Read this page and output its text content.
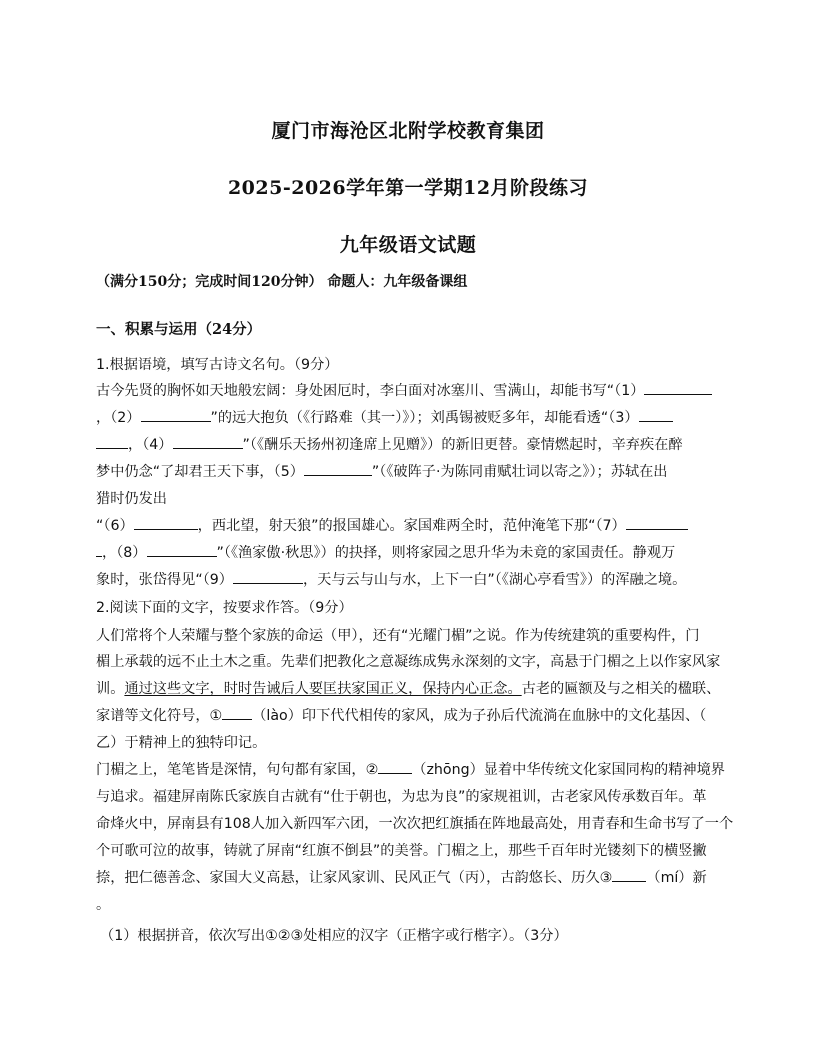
厦门市海沧区北附学校教育集团
2025-2026学年第一学期12月阶段练习
九年级语文试题
（满分150分；完成时间120分钟） 命题人：九年级备课组
一、积累与运用（24分）
1.根据语境，填写古诗文名句。（9分）
古今先贤的胸怀如天地般宏阔：身处困厄时，李白面对冰塞川、雪满山，却能书写“（1）
，（2）	”的远大抱负（《行路难（其一）》）；刘禹锡被贬多年，却能看透“（3）
，（4）	”（《酬乐天扬州初逢席上见赠》）的新旧更替。豪情燃起时，辛弃疾在醉
梦中仍念“了却君王天下事，（5）	”（《破阵子·为陈同甫赋壮词以寄之》）；苏轼在出
猎时仍发出
“（6）	，西北望，射天狼”的报国雄心。家国难两全时，范仲淹笔下那“（7）
，（8）	”（《渔家傲·秋思》）的抉择，则将家园之思升华为未竟的家国责任。静观万
象时，张岱得见“（9）	，天与云与山与水，上下一白”（《湖心亭看雪》）的浑融之境。
2.阅读下面的文字，按要求作答。（9分）
人们常将个人荣耀与整个家族的命运（甲），还有“光耀门楣”之说。作为传统建筑的重要构件，门
楣上承载的远不止土木之重。先辈们把教化之意凝练成隽永深刻的文字，高悬于门楣之上以作家风家
训。通过这些文字，时时告诫后人要匡扶家国正义，保持内心正念。古老的匾额及与之相关的楹联、
家谱等文化符号，① （lào）印下代代相传的家风，成为子孙后代流淌在血脉中的文化基因、（
乙）于精神上的独特印记。
门楣之上，笔笔皆是深情，句句都有家国，② （zhōng）显着中华传统文化家国同构的精神境界
与追求。福建屏南陈氏家族自古就有“仕于朝也，为忠为良”的家规祖训，古老家风传承数百年。革
命烽火中，屏南县有108人加入新四军六团，一次次把红旗插在阵地最高处，用青春和生命书写了一个
个可歌可泣的故事，铸就了屏南“红旗不倒县”的美誉。门楣之上，那些千百年时光镂刻下的横竖撇
捺，把仁德善念、家国大义高悬，让家风家训、民风正气（丙），古韵悠长、历久③ （mí）新
。
（1）根据拼音，依次写出①②③处相应的汉字（正楷字或行楷字）。（3分）
